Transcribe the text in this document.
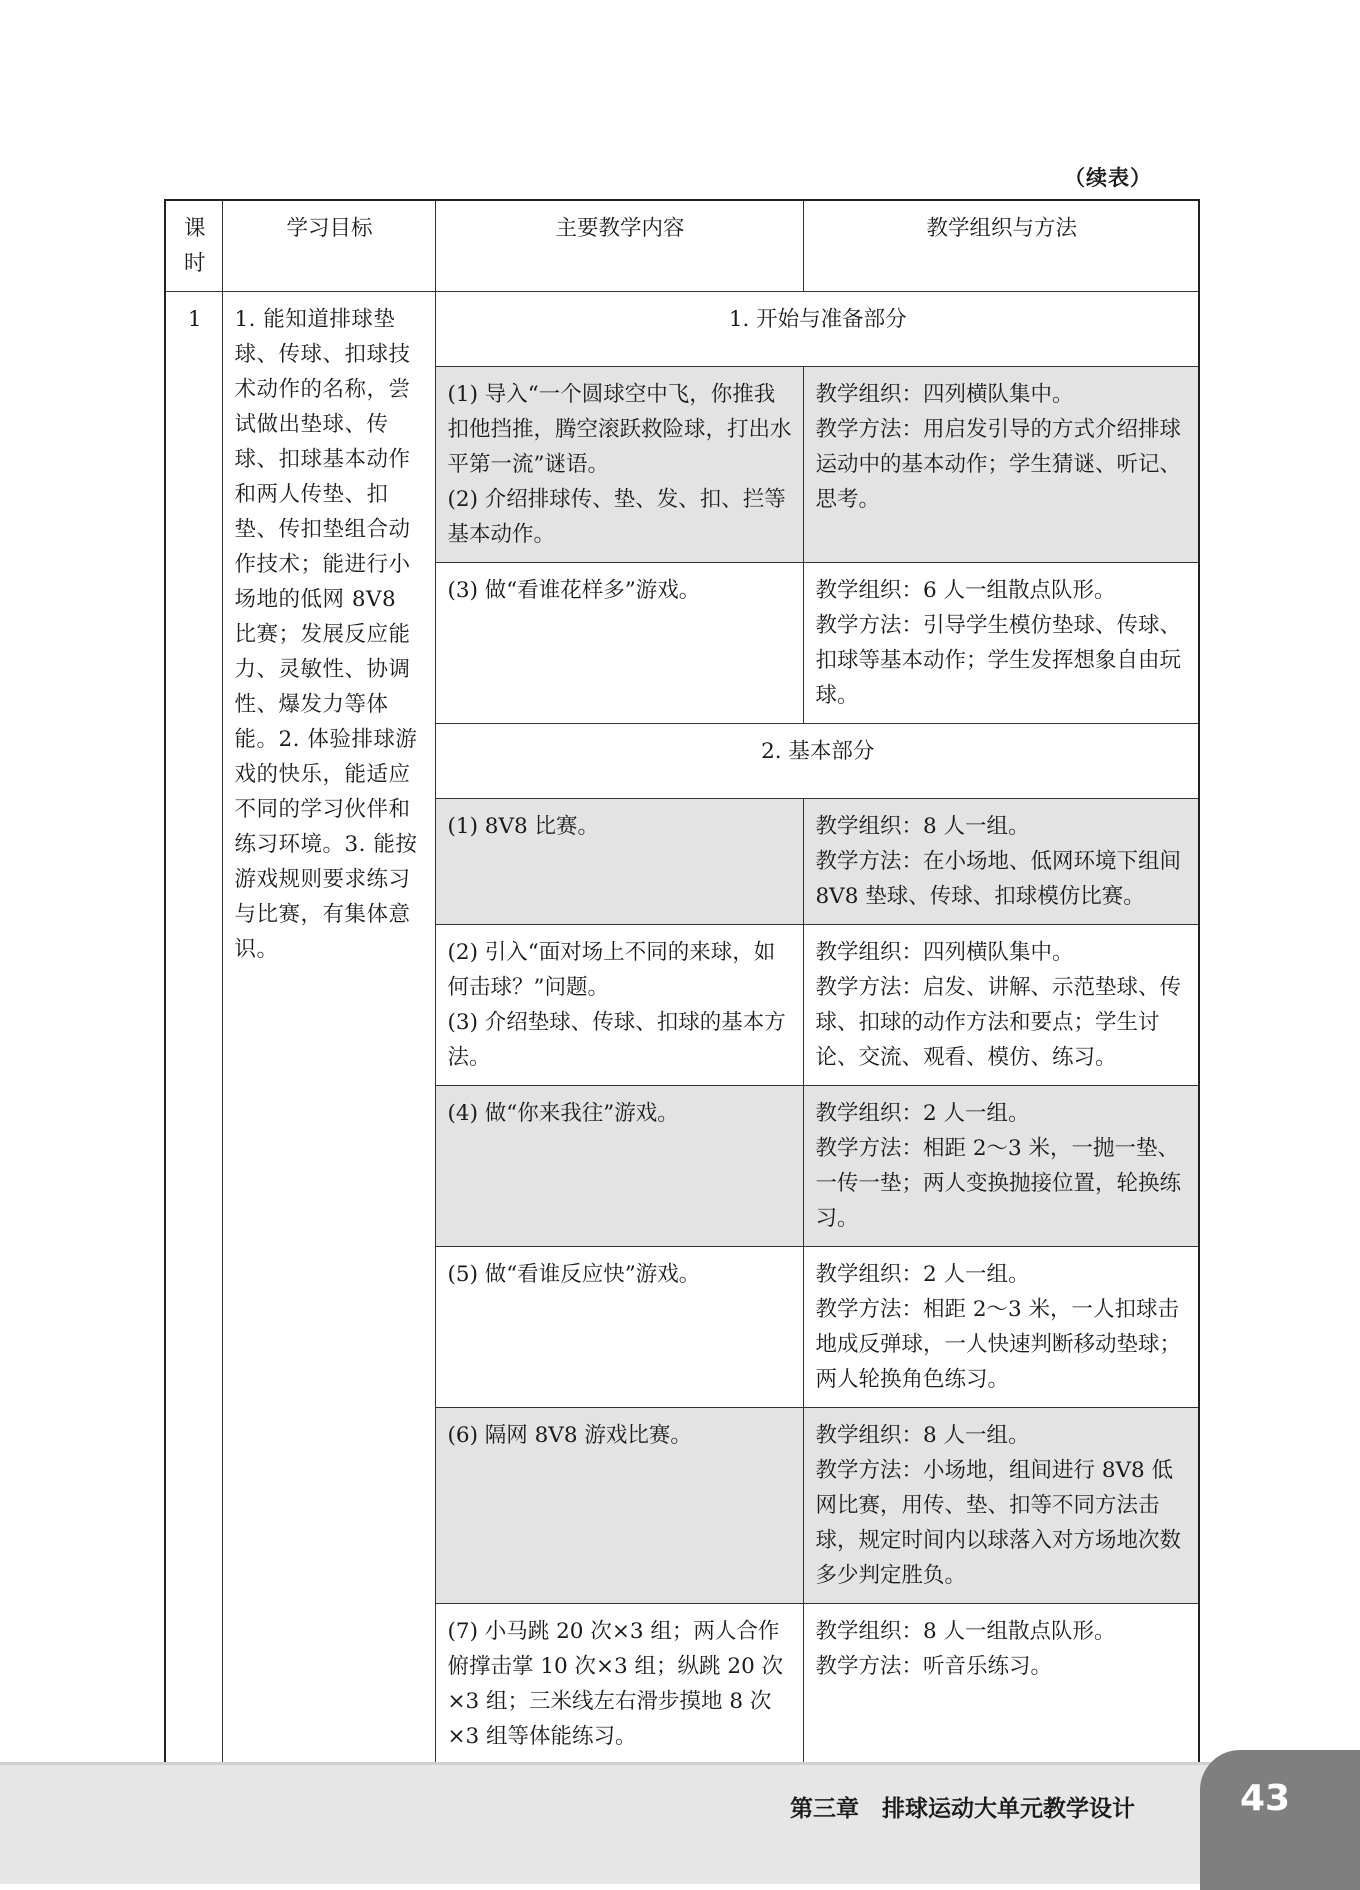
（续表）
课时	学习目标	主要教学内容	教学组织与方法
1	1. 能知道排球垫球、传球、扣球技术动作的名称，尝试做出垫球、传球、扣球基本动作和两人传垫、扣垫、传扣垫组合动作技术；能进行小场地的低网 8V8 比赛；发展反应能力、灵敏性、协调性、爆发力等体能。2. 体验排球游戏的快乐，能适应不同的学习伙伴和练习环境。3. 能按游戏规则要求练习与比赛，有集体意识。	1. 开始与准备部分	

		(1) 导入“一个圆球空中飞，你推我扣他挡推，腾空滚跃救险球，打出水平第一流”谜语。
(2) 介绍排球传、垫、发、扣、拦等基本动作。	教学组织：四列横队集中。
教学方法：用启发引导的方式介绍排球运动中的基本动作；学生猜谜、听记、思考。

		(3) 做“看谁花样多”游戏。	教学组织：6 人一组散点队形。
教学方法：引导学生模仿垫球、传球、扣球等基本动作；学生发挥想象自由玩球。

		2. 基本部分	

		(1) 8V8 比赛。	教学组织：8 人一组。
教学方法：在小场地、低网环境下组间 8V8 垫球、传球、扣球模仿比赛。

		(2) 引入“面对场上不同的来球，如何击球？”问题。
(3) 介绍垫球、传球、扣球的基本方法。	教学组织：四列横队集中。
教学方法：启发、讲解、示范垫球、传球、扣球的动作方法和要点；学生讨论、交流、观看、模仿、练习。

		(4) 做“你来我往”游戏。	教学组织：2 人一组。
教学方法：相距 2～3 米，一抛一垫、一传一垫；两人变换抛接位置，轮换练习。

		(5) 做“看谁反应快”游戏。	教学组织：2 人一组。
教学方法：相距 2～3 米，一人扣球击地成反弹球，一人快速判断移动垫球；两人轮换角色练习。

		(6) 隔网 8V8 游戏比赛。	教学组织：8 人一组。
教学方法：小场地，组间进行 8V8 低网比赛，用传、垫、扣等不同方法击球，规定时间内以球落入对方场地次数多少判定胜负。

		(7) 小马跳 20 次×3 组；两人合作俯撑击掌 10 次×3 组；纵跳 20 次×3 组；三米线左右滑步摸地 8 次×3 组等体能练习。	教学组织：8 人一组散点队形。
教学方法：听音乐练习。
第三章　排球运动大单元教学设计	43
